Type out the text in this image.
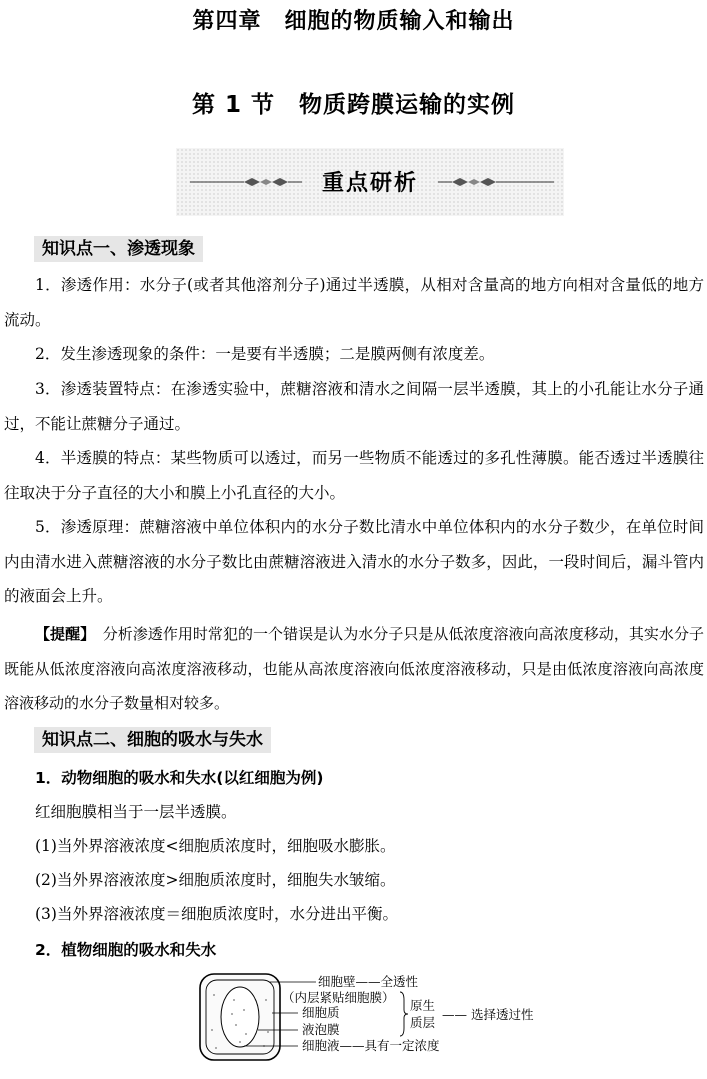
第四章　细胞的物质输入和输出
第 1 节　物质跨膜运输的实例
重点研析
知识点一、渗透现象
1．渗透作用：水分子(或者其他溶剂分子)通过半透膜，从相对含量高的地方向相对含量低的地方流动。
2．发生渗透现象的条件：一是要有半透膜；二是膜两侧有浓度差。
3．渗透装置特点：在渗透实验中，蔗糖溶液和清水之间隔一层半透膜，其上的小孔能让水分子通过，不能让蔗糖分子通过。
4．半透膜的特点：某些物质可以透过，而另一些物质不能透过的多孔性薄膜。能否透过半透膜往往取决于分子直径的大小和膜上小孔直径的大小。
5．渗透原理：蔗糖溶液中单位体积内的水分子数比清水中单位体积内的水分子数少，在单位时间内由清水进入蔗糖溶液的水分子数比由蔗糖溶液进入清水的水分子数多，因此，一段时间后，漏斗管内的液面会上升。
【提醒】　 分析渗透作用时常犯的一个错误是认为水分子只是从低浓度溶液向高浓度移动，其实水分子既能从低浓度溶液向高浓度溶液移动，也能从高浓度溶液向低浓度溶液移动，只是由低浓度溶液向高浓度溶液移动的水分子数量相对较多。
知识点二、细胞的吸水与失水
1．动物细胞的吸水和失水(以红细胞为例)
红细胞膜相当于一层半透膜。
(1)当外界溶液浓度<细胞质浓度时，细胞吸水膨胀。
(2)当外界溶液浓度>细胞质浓度时，细胞失水皱缩。
(3)当外界溶液浓度＝细胞质浓度时，水分进出平衡。
2．植物细胞的吸水和失水
细胞壁——全透性
（内层紧贴细胞膜）
细胞质
液泡膜
细胞液——具有一定浓度
原生
质层
—— 选择透过性
